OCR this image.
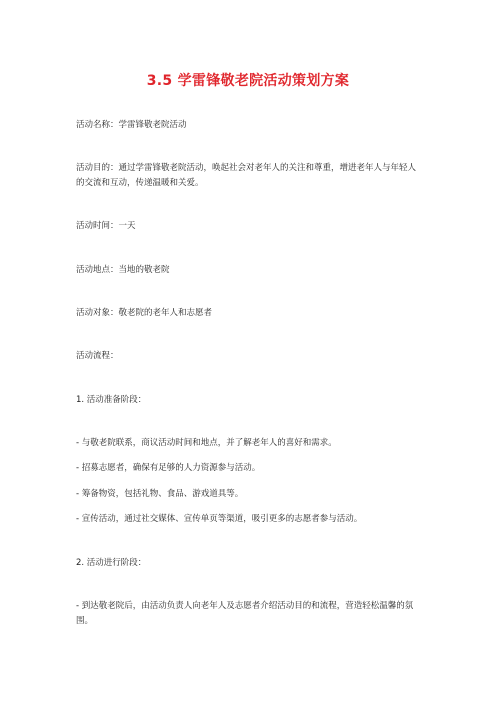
3.5 学雷锋敬老院活动策划方案

活动名称：学雷锋敬老院活动

活动目的：通过学雷锋敬老院活动，唤起社会对老年人的关注和尊重，增进老年人与年轻人的交流和互动，传递温暖和关爱。

活动时间：一天

活动地点：当地的敬老院

活动对象：敬老院的老年人和志愿者

活动流程：

1. 活动准备阶段：

- 与敬老院联系，商议活动时间和地点，并了解老年人的喜好和需求。

- 招募志愿者，确保有足够的人力资源参与活动。

- 筹备物资，包括礼物、食品、游戏道具等。

- 宣传活动，通过社交媒体、宣传单页等渠道，吸引更多的志愿者参与活动。

2. 活动进行阶段：

- 到达敬老院后，由活动负责人向老年人及志愿者介绍活动目的和流程，营造轻松温馨的氛围。
